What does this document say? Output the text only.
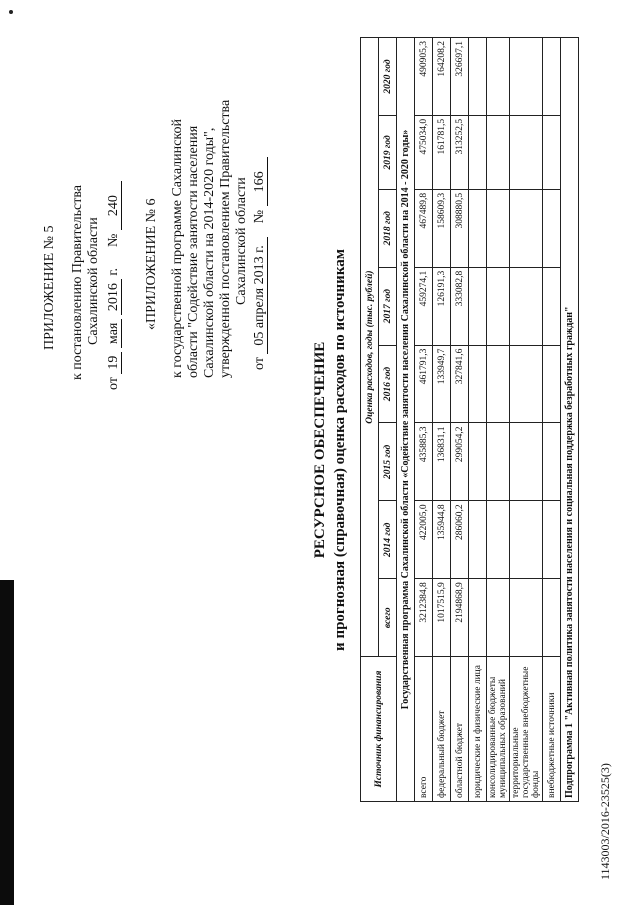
ПРИЛОЖЕНИЕ № 5 к постановлению Правительства Сахалинской области
от 19 мая 2016 г.      № 240 «ПРИЛОЖЕНИЕ № 6 к государственной программе Сахалинской области "Содействие занятости населения Сахалинской области на 2014-2020 годы", утвержденной постановлением Правительства Сахалинской области
от 05 апреля 2013 г.    № 166
РЕСУРСНОЕ ОБЕСПЕЧЕНИЕ и прогнозная (справочная) оценка расходов по источникам
Источник финансирования	Оценка расходов, годы (тыс. рублей)							
	всего	2014 год	2015 год	2016 год	2017 год	2018 год	2019 год	2020 год
Государственная программа Сахалинской области «Содействие занятости населения Сахалинской области на 2014 - 2020 годы»								
всего	3212384,8	422005,0	435885,3	461791,3	459274,1	467489,8	475034,0	490905,3
федеральный бюджет	1017515,9	135944,8	136831,1	133949,7	126191,3	158609,3	161781,5	164208,2
областной бюджет	2194868,9	286060,2	299054,2	327841,6	333082,8	308880,5	313252,5	326697,1
юридические и физические лица								
консолидированные бюджеты муниципальных образований								
территориальные государственные внебюджетные фонды								
внебюджетные источники								
Подпрограмма 1 "Активная политика занятости населения и социальная поддержка безработных граждан"								
1143003/2016-23525(3)
